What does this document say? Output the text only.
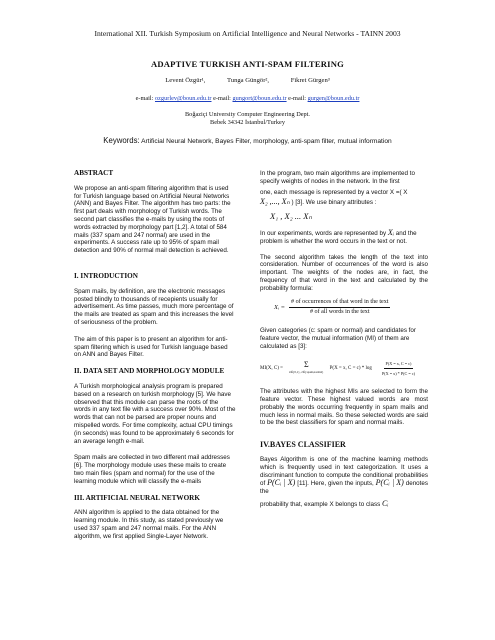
International XII. Turkish Symposium on Artificial Intelligence and Neural Networks - TAINN 2003
ADAPTIVE TURKISH ANTI-SPAM FILTERING
Levent Özgür¹,	Tunga Güngör²,	Fikret Gürgen³
e-mail: ozgurlev@boun.edu.tr e-mail: gungort@boun.edu.tr e-mail: gurgen@boun.edu.tr
Boğaziçi University Computer Engineering Dept.
Bebek 34342 İstanbul/Turkey
Keywords: Artificial Neural Network, Bayes Filter, morphology, anti-spam filter, mutual information
ABSTRACT

We propose an anti-spam filtering algorithm that is used for Turkish language based on Artificial Neural Networks (ANN) and Bayes Filter. The algorithm has two parts: the first part deals with morphology of Turkish words. The second part classifies the e-mails by using the roots of words extracted by morphology part [1,2]. A total of 584 mails (337 spam and 247 normal) are used in the experiments. A success rate up to 95% of spam mail detection and 90% of normal mail detection is achieved.

I. INTRODUCTION

Spam mails, by definition, are the electronic messages posted blindly to thousands of recepients usually for advertisement. As time passes, much more percentage of the mails are treated as spam and this increases the level of seriousness of the problem.

The aim of this paper is to present an algorithm for anti-spam filtering which is used for Turkish language based on ANN and Bayes Filter.

II. DATA SET AND MORPHOLOGY MODULE

A Turkish morphological analysis program is prepared based on a research on turkish morphology [5]. We have observed that this module can parse the roots of the words in any text file with a success over 90%. Most of the words that can not be parsed are proper nouns and mispelled words. For time complexity, actual CPU timings (in seconds) was found to be approximately 6 seconds for an average length e-mail.

Spam mails are collected in two different mail addresses [6]. The morphology module uses these mails to create two main files (spam and normal) for the use of the learning module which will classify the e-mails

III. ARTIFICIAL NEURAL NETWORK

ANN algorithm is applied to the data obtained for the learning module. In this study, as stated previously we used 337 spam and 247 normal mails. For the ANN algorithm, we first applied Single-Layer Network.

In the program, two main algorithms are implemented to specify weights of nodes in the network. In the first

one, each message is represented by a vector X =( X

X₂ ,..., Xₙ ) [3]. We use binary attributes :
X₁ , X₂ ... Xₙ

In our experiments, words are represented by Xᵢ and the problem is whether the word occurs in the text or not.

The second algorithm takes the length of the text into consideration. Number of occurrences of the word is also important. The weights of the nodes are, in fact, the frequency of that word in the text and calculated by the probability formula:

Xᵢ = $\frac{\text{\# of occurrences of that word in the text}}{\text{\# of all words in the text}}$

Given categories (c: spam or normal) and candidates for feature vector, the mutual information (MI) of them are calculated as [3]:

MI(X, C) =	Σ
x∈{0,1}, c∈{spam,normal}
P(X = x, $C = c) * \log \frac{P(X = x, C = c)}{P(X = x) * P(C = c)}$

The attributes with the highest MIs are selected to form the feature vector. These highest valued words are most probably the words occurring frequently in spam mails and much less in normal mails. So these selected words are said to be the best classifiers for spam and normal mails.

IV.BAYES CLASSIFIER

Bayes Algorithm is one of the machine learning methods which is frequently used in text categorization. It uses a discriminant function to compute the conditional probabilities of P(Cᵢ | X) [11]. Here, given the inputs, P(Cᵢ | X) denotes the

probability that, example X belongs to class Cᵢ
